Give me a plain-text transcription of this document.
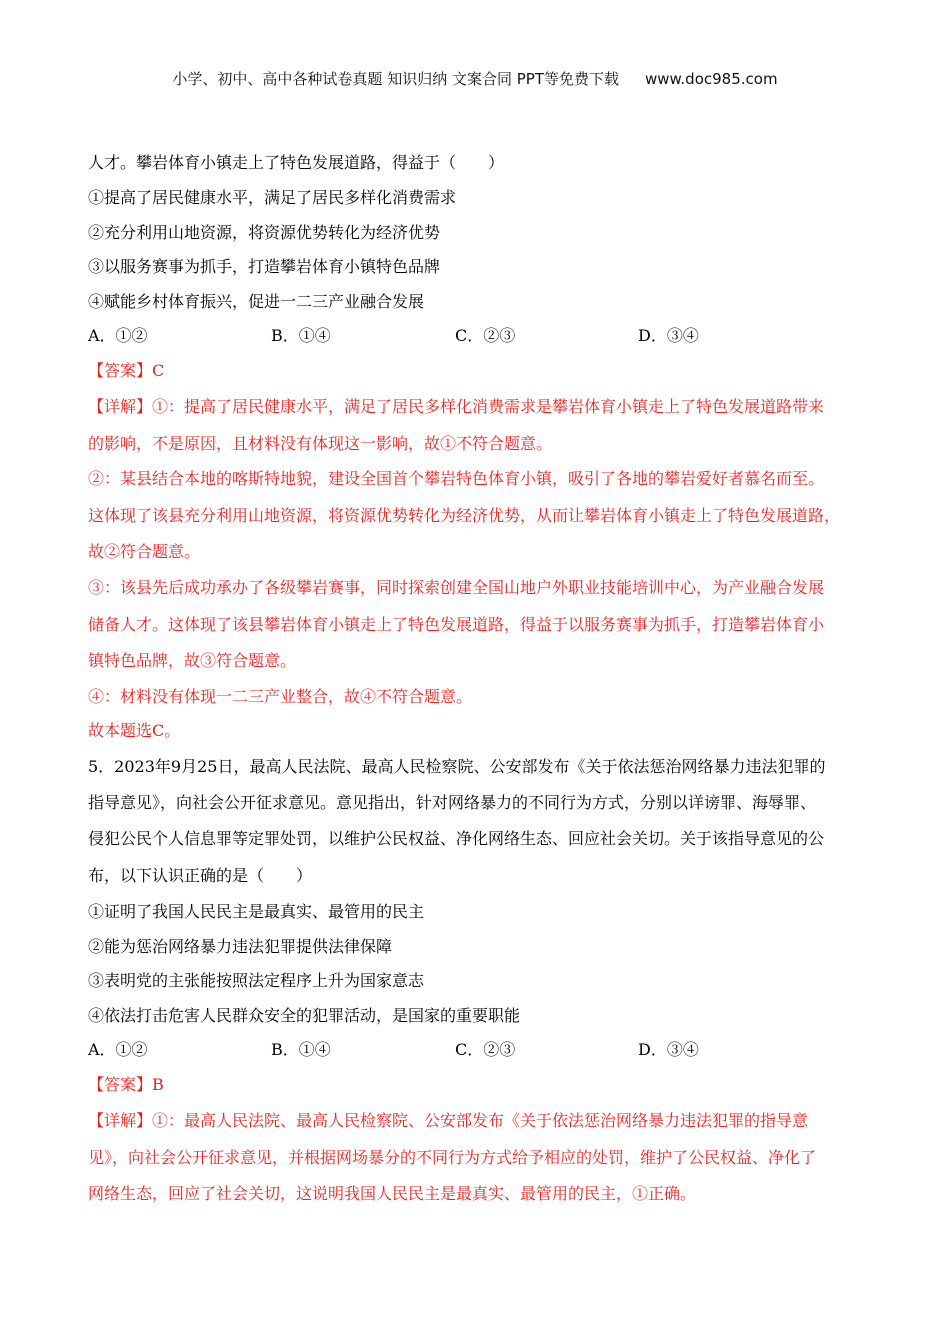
小学、初中、高中各种试卷真题 知识归纳 文案合同 PPT等免费下载 www.doc985.com
人才。攀岩体育小镇走上了特色发展道路，得益于（　　）
①提高了居民健康水平，满足了居民多样化消费需求
②充分利用山地资源，将资源优势转化为经济优势
③以服务赛事为抓手，打造攀岩体育小镇特色品牌
④赋能乡村体育振兴，促进一二三产业融合发展
A．①②	B．①④	C．②③	D．③④
【答案】C
【详解】①：提高了居民健康水平，满足了居民多样化消费需求是攀岩体育小镇走上了特色发展道路带来
的影响，不是原因，且材料没有体现这一影响，故①不符合题意。
②：某县结合本地的喀斯特地貌，建设全国首个攀岩特色体育小镇，吸引了各地的攀岩爱好者慕名而至。
这体现了该县充分利用山地资源，将资源优势转化为经济优势，从而让攀岩体育小镇走上了特色发展道路，
故②符合题意。
③：该县先后成功承办了各级攀岩赛事，同时探索创建全国山地户外职业技能培训中心，为产业融合发展
储备人才。这体现了该县攀岩体育小镇走上了特色发展道路，得益于以服务赛事为抓手，打造攀岩体育小
镇特色品牌，故③符合题意。
④：材料没有体现一二三产业整合，故④不符合题意。
故本题选C。
5．2023年9月25日，最高人民法院、最高人民检察院、公安部发布《关于依法惩治网络暴力违法犯罪的
指导意见》，向社会公开征求意见。意见指出，针对网络暴力的不同行为方式，分别以详谤罪、海辱罪、
侵犯公民个人信息罪等定罪处罚，以维护公民权益、净化网络生态、回应社会关切。关于该指导意见的公
布，以下认识正确的是（　　）
①证明了我国人民民主是最真实、最管用的民主
②能为惩治网络暴力违法犯罪提供法律保障
③表明党的主张能按照法定程序上升为国家意志
④依法打击危害人民群众安全的犯罪活动，是国家的重要职能
A．①②	B．①④	C．②③	D．③④
【答案】B
【详解】①：最高人民法院、最高人民检察院、公安部发布《关于依法惩治网络暴力违法犯罪的指导意
见》，向社会公开征求意见，并根据网场暴分的不同行为方式给予相应的处罚，维护了公民权益、净化了
网络生态，回应了社会关切，这说明我国人民民主是最真实、最管用的民主，①正确。
